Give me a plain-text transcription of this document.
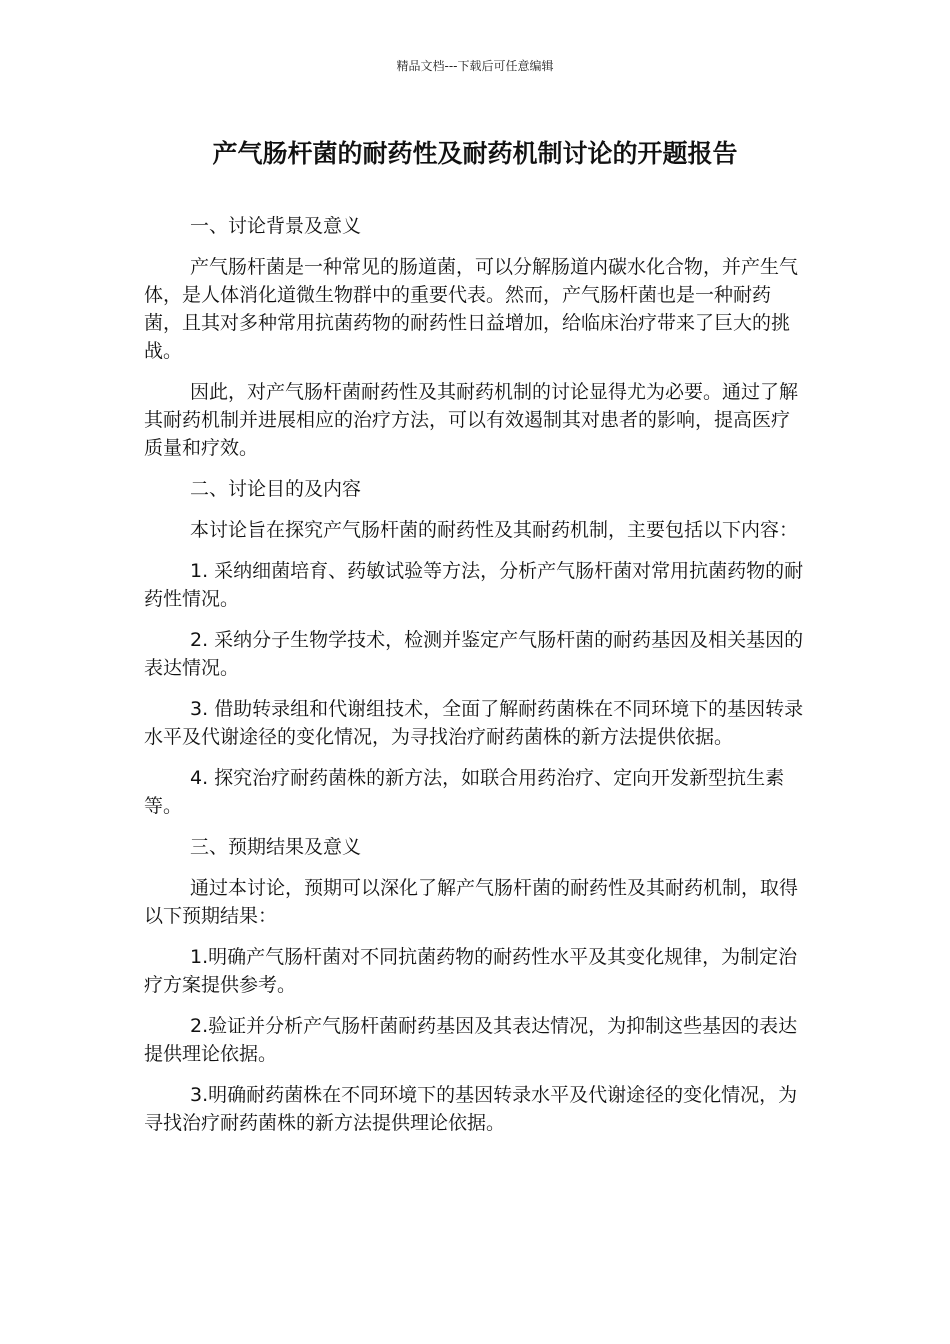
精品文档---下载后可任意编辑
产气肠杆菌的耐药性及耐药机制讨论的开题报告

一、讨论背景及意义

产气肠杆菌是一种常见的肠道菌，可以分解肠道内碳水化合物，并产生气体，是人体消化道微生物群中的重要代表。然而，产气肠杆菌也是一种耐药菌，且其对多种常用抗菌药物的耐药性日益增加，给临床治疗带来了巨大的挑战。

因此，对产气肠杆菌耐药性及其耐药机制的讨论显得尤为必要。通过了解其耐药机制并进展相应的治疗方法，可以有效遏制其对患者的影响，提高医疗质量和疗效。

二、讨论目的及内容

本讨论旨在探究产气肠杆菌的耐药性及其耐药机制，主要包括以下内容：

1. 采纳细菌培育、药敏试验等方法，分析产气肠杆菌对常用抗菌药物的耐药性情况。

2. 采纳分子生物学技术，检测并鉴定产气肠杆菌的耐药基因及相关基因的表达情况。

3. 借助转录组和代谢组技术，全面了解耐药菌株在不同环境下的基因转录水平及代谢途径的变化情况，为寻找治疗耐药菌株的新方法提供依据。

4. 探究治疗耐药菌株的新方法，如联合用药治疗、定向开发新型抗生素等。

三、预期结果及意义

通过本讨论，预期可以深化了解产气肠杆菌的耐药性及其耐药机制，取得以下预期结果：

1.明确产气肠杆菌对不同抗菌药物的耐药性水平及其变化规律，为制定治疗方案提供参考。

2.验证并分析产气肠杆菌耐药基因及其表达情况，为抑制这些基因的表达提供理论依据。

3.明确耐药菌株在不同环境下的基因转录水平及代谢途径的变化情况，为寻找治疗耐药菌株的新方法提供理论依据。
